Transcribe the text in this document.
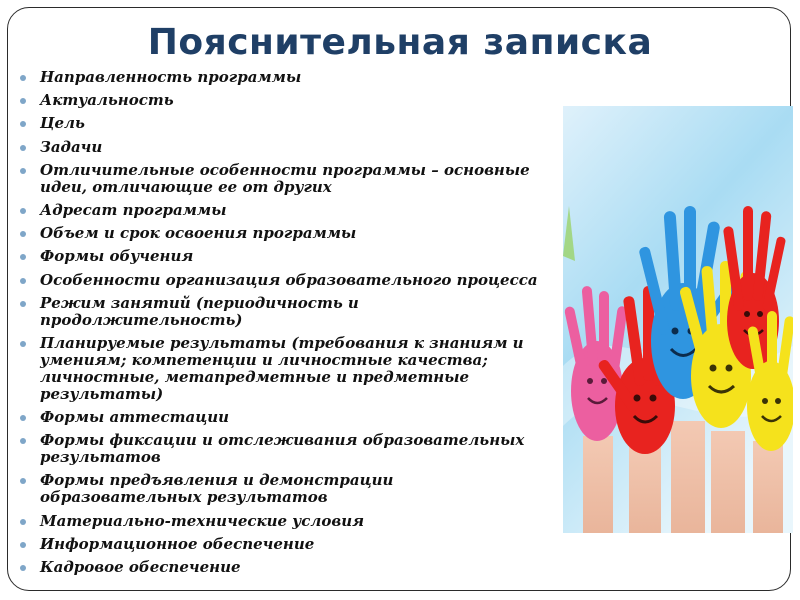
Пояснительная записка
Направленность программы
Актуальность
Цель
Задачи
Отличительные особенности программы – основные идеи, отличающие ее от других
Адресат программы
Объем и срок освоения программы
Формы обучения
Особенности организация образовательного процесса
Режим занятий (периодичность и продолжительность)
Планируемые результаты (требования к знаниям и умениям; компетенции и личностные качества; личностные, метапредметные и предметные результаты)
Формы аттестации
Формы фиксации и отслеживания образовательных результатов
Формы предъявления и демонстрации образовательных результатов
Материально-технические условия
Информационное обеспечение
Кадровое обеспечение
